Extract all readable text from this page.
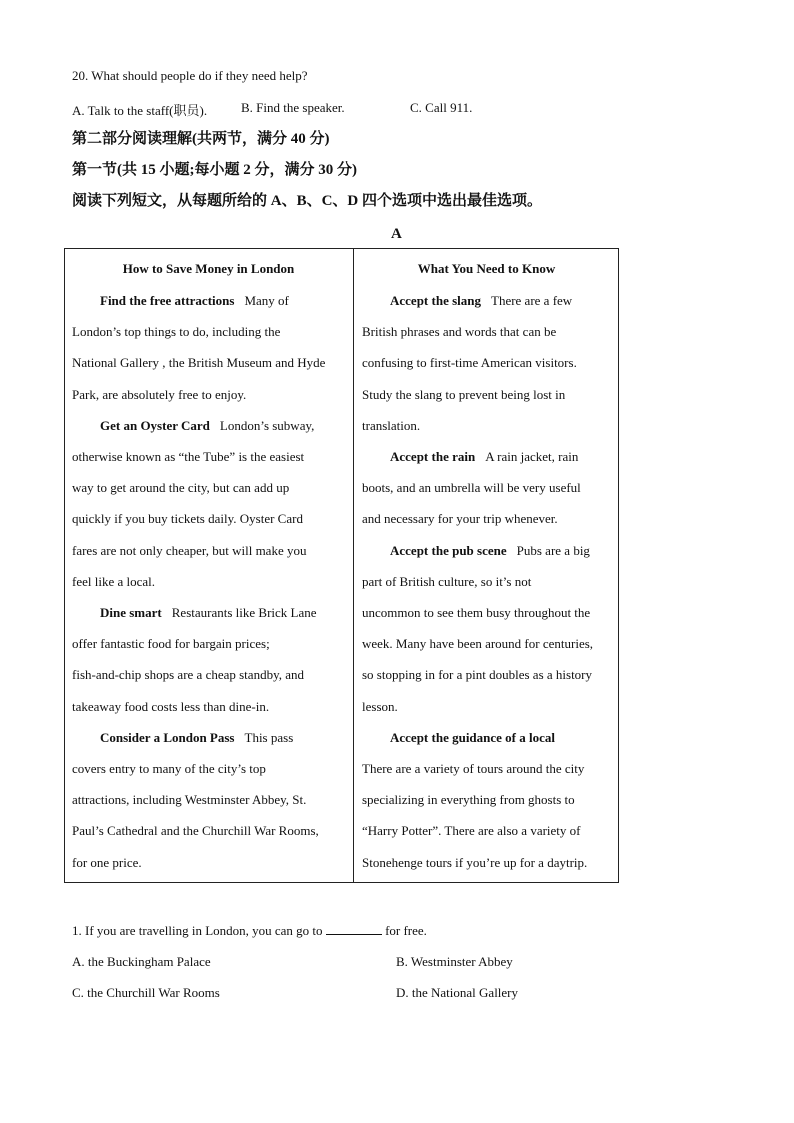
20. What should people do if they need help?
A. Talk to the staff(职员).	B. Find the speaker.	C. Call 911.
第二部分阅读理解(共两节，满分 40 分)
第一节(共 15 小题;每小题 2 分，满分 30 分)
阅读下列短文，从每题所给的 A、B、C、D 四个选项中选出最佳选项。
A
How to Save Money in London
Find the free attractions Many of
London’s top things to do, including the
National Gallery , the British Museum and Hyde
Park, are absolutely free to enjoy.
Get an Oyster Card London’s subway,
otherwise known as “the Tube” is the easiest
way to get around the city, but can add up
quickly if you buy tickets daily. Oyster Card
fares are not only cheaper, but will make you
feel like a local.
Dine smart Restaurants like Brick Lane
offer fantastic food for bargain prices;
fish-and-chip shops are a cheap standby, and
takeaway food costs less than dine-in.
Consider a London Pass This pass
covers entry to many of the city’s top
attractions, including Westminster Abbey, St.
Paul’s Cathedral and the Churchill War Rooms,
for one price.
What You Need to Know
Accept the slang There are a few
British phrases and words that can be
confusing to first-time American visitors.
Study the slang to prevent being lost in
translation.
Accept the rain A rain jacket, rain
boots, and an umbrella will be very useful
and necessary for your trip whenever.
Accept the pub scene Pubs are a big
part of British culture, so it’s not
uncommon to see them busy throughout the
week. Many have been around for centuries,
so stopping in for a pint doubles as a history
lesson.
Accept the guidance of a local
There are a variety of tours around the city
specializing in everything from ghosts to
“Harry Potter”. There are also a variety of
Stonehenge tours if you’re up for a daytrip.
1. If you are travelling in London, you can go to	for free.
A. the Buckingham Palace	B. Westminster Abbey
C. the Churchill War Rooms	D. the National Gallery
